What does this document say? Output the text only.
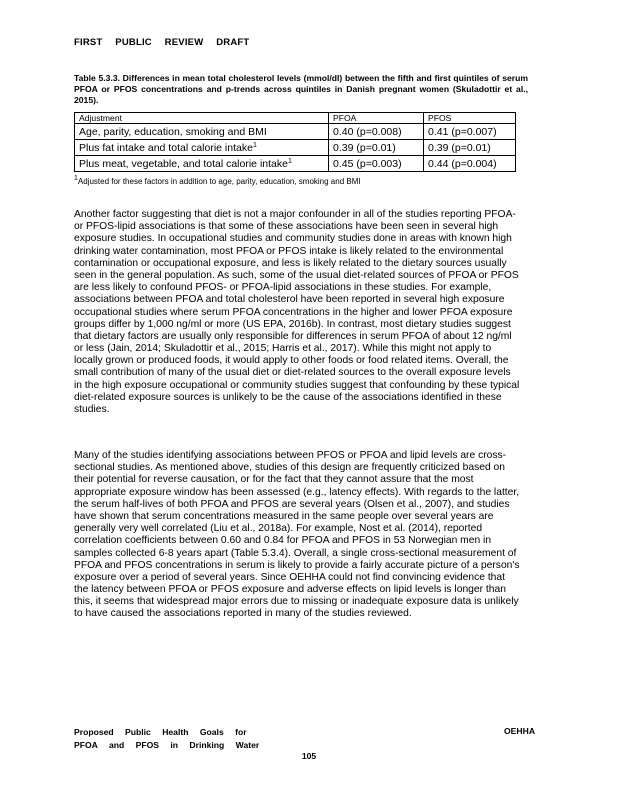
FIRST PUBLIC REVIEW DRAFT
Table 5.3.3. Differences in mean total cholesterol levels (mmol/dl) between the fifth and first quintiles of serum PFOA or PFOS concentrations and p-trends across quintiles in Danish pregnant women (Skuladottir et al., 2015).
Adjustment	PFOA	PFOS
Age, parity, education, smoking and BMI	0.40 (p=0.008)	0.41 (p=0.007)
Plus fat intake and total calorie intake$^1$	0.39 (p=0.01)	0.39 (p=0.01)
Plus meat, vegetable, and total calorie intake$^1$	0.45 (p=0.003)	0.44 (p=0.004)
$^1$Adjusted for these factors in addition to age, parity, education, smoking and BMI

Another factor suggesting that diet is not a major confounder in all of the studies reporting PFOA- or PFOS-lipid associations is that some of these associations have been seen in several high exposure studies. In occupational studies and community studies done in areas with known high drinking water contamination, most PFOA or PFOS intake is likely related to the environmental contamination or occupational exposure, and less is likely related to the dietary sources usually seen in the general population. As such, some of the usual diet-related sources of PFOA or PFOS are less likely to confound PFOS- or PFOA-lipid associations in these studies. For example, associations between PFOA and total cholesterol have been reported in several high exposure occupational studies where serum PFOA concentrations in the higher and lower PFOA exposure groups differ by 1,000 ng/ml or more (US EPA, 2016b). In contrast, most dietary studies suggest that dietary factors are usually only responsible for differences in serum PFOA of about 12 ng/ml or less (Jain, 2014; Skuladottir et al., 2015; Harris et al., 2017). While this might not apply to locally grown or produced foods, it would apply to other foods or food related items. Overall, the small contribution of many of the usual diet or diet-related sources to the overall exposure levels in the high exposure occupational or community studies suggest that confounding by these typical diet-related exposure sources is unlikely to be the cause of the associations identified in these studies.

Many of the studies identifying associations between PFOS or PFOA and lipid levels are cross-sectional studies. As mentioned above, studies of this design are frequently criticized based on their potential for reverse causation, or for the fact that they cannot assure that the most appropriate exposure window has been assessed (e.g., latency effects). With regards to the latter, the serum half-lives of both PFOA and PFOS are several years (Olsen et al., 2007), and studies have shown that serum concentrations measured in the same people over several years are generally very well correlated (Liu et al., 2018a). For example, Nost et al. (2014), reported correlation coefficients between 0.60 and 0.84 for PFOA and PFOS in 53 Norwegian men in samples collected 6-8 years apart (Table 5.3.4). Overall, a single cross-sectional measurement of PFOA and PFOS concentrations in serum is likely to provide a fairly accurate picture of a person's exposure over a period of several years. Since OEHHA could not find convincing evidence that the latency between PFOA or PFOS exposure and adverse effects on lipid levels is longer than this, it seems that widespread major errors due to missing or inadequate exposure data is unlikely to have caused the associations reported in many of the studies reviewed.

Proposed Public Health Goals for
PFOA and PFOS in Drinking Water
OEHHA
105
